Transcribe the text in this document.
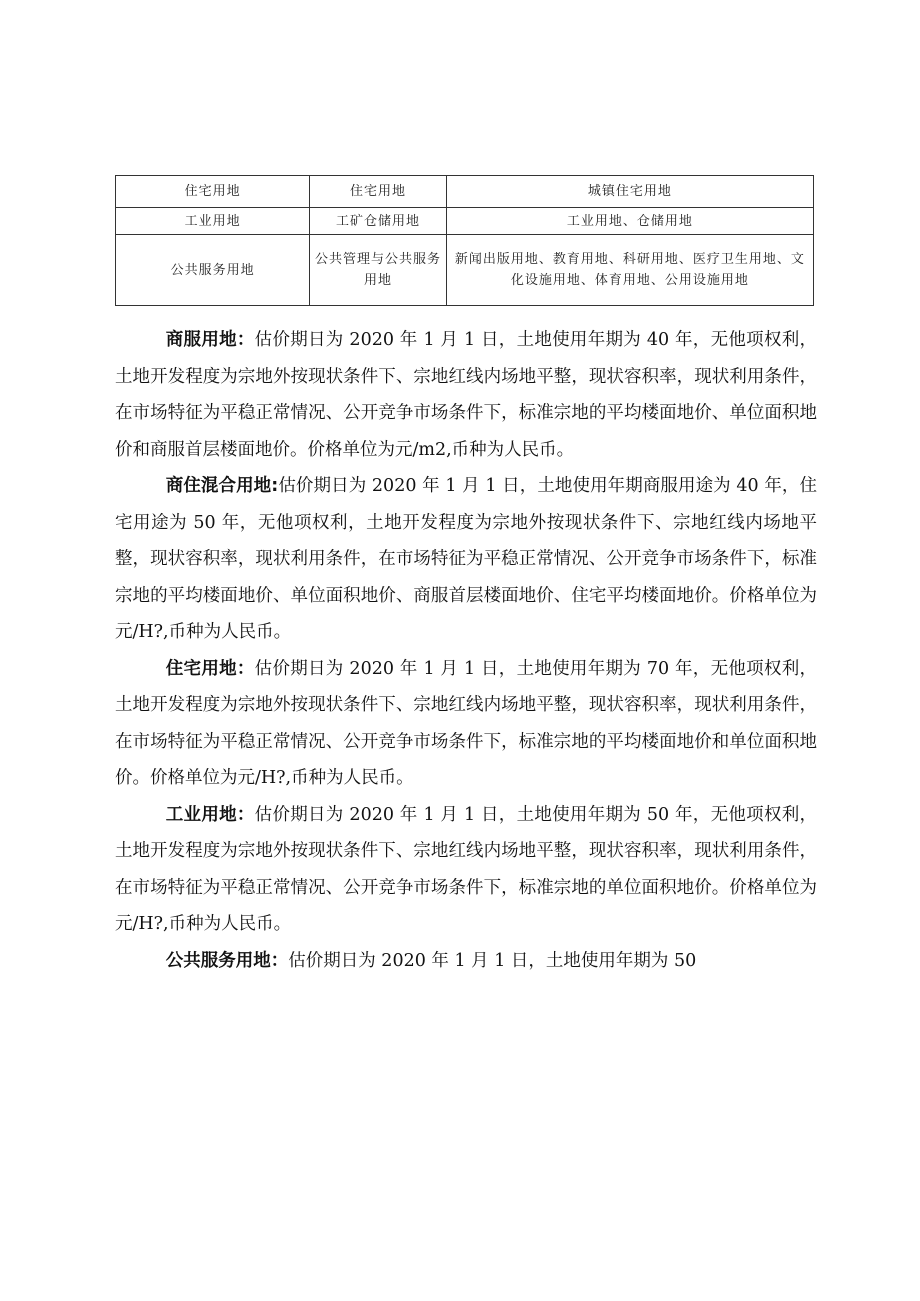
住宅用地	住宅用地	城镇住宅用地
工业用地	工矿仓储用地	工业用地、仓储用地
公共服务用地	公共管理与公共服务用地	新闻出版用地、教育用地、科研用地、医疗卫生用地、文化设施用地、体育用地、公用设施用地

商服用地：估价期日为 2020 年 1 月 1 日，土地使用年期为 40 年，无他项权利，土地开发程度为宗地外按现状条件下、宗地红线内场地平整，现状容积率，现状利用条件，在市场特征为平稳正常情况、公开竞争市场条件下，标准宗地的平均楼面地价、单位面积地价和商服首层楼面地价。价格单位为元/m2,币种为人民币。

商住混合用地:估价期日为 2020 年 1 月 1 日，土地使用年期商服用途为 40 年，住宅用途为 50 年，无他项权利，土地开发程度为宗地外按现状条件下、宗地红线内场地平整，现状容积率，现状利用条件，在市场特征为平稳正常情况、公开竞争市场条件下，标准宗地的平均楼面地价、单位面积地价、商服首层楼面地价、住宅平均楼面地价。价格单位为元/H?,币种为人民币。

住宅用地：估价期日为 2020 年 1 月 1 日，土地使用年期为 70 年，无他项权利，土地开发程度为宗地外按现状条件下、宗地红线内场地平整，现状容积率，现状利用条件，在市场特征为平稳正常情况、公开竞争市场条件下，标准宗地的平均楼面地价和单位面积地价。价格单位为元/H?,币种为人民币。

工业用地：估价期日为 2020 年 1 月 1 日，土地使用年期为 50 年，无他项权利，土地开发程度为宗地外按现状条件下、宗地红线内场地平整，现状容积率，现状利用条件，在市场特征为平稳正常情况、公开竞争市场条件下，标准宗地的单位面积地价。价格单位为元/H?,币种为人民币。

公共服务用地：估价期日为 2020 年 1 月 1 日，土地使用年期为 50
